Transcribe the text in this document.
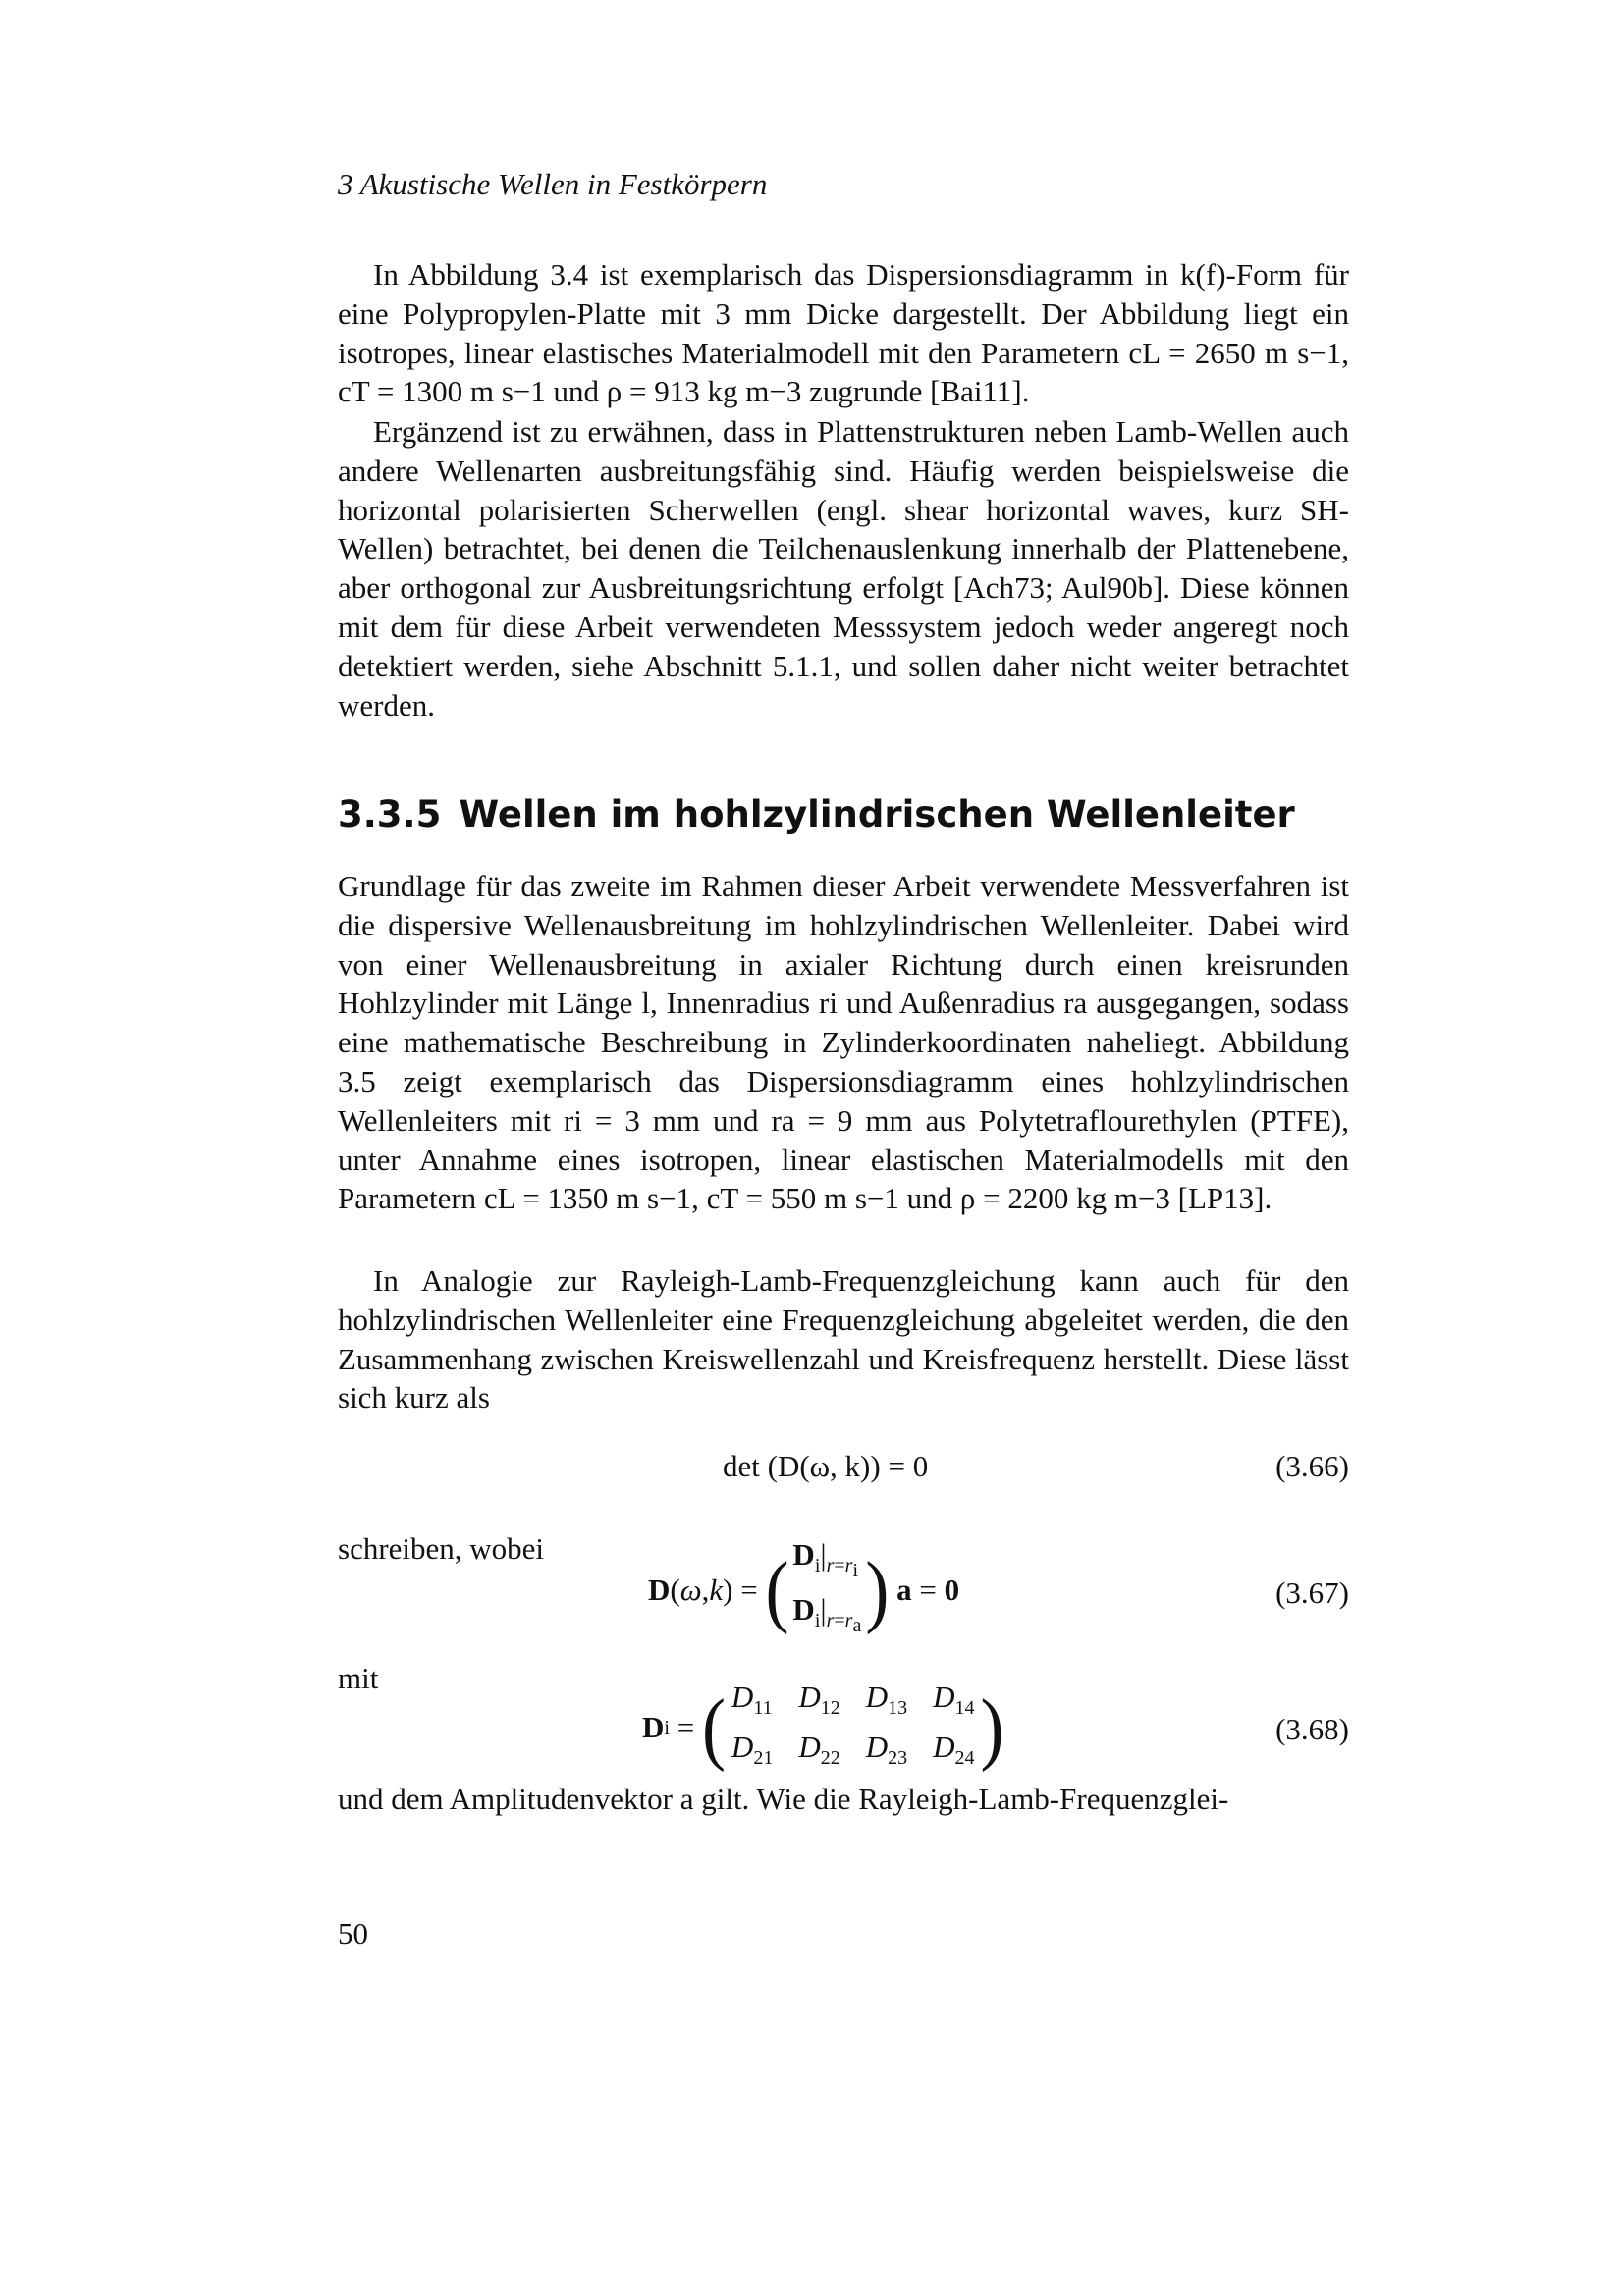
3 Akustische Wellen in Festkörpern

In Abbildung 3.4 ist exemplarisch das Dispersionsdiagramm in k(f)-Form für eine Polypropylen-Platte mit 3 mm Dicke dargestellt. Der Abbildung liegt ein isotropes, linear elastisches Materialmodell mit den Parametern cL = 2650 m s−1, cT = 1300 m s−1 und ρ = 913 kg m−3 zugrunde [Bai11].

Ergänzend ist zu erwähnen, dass in Plattenstrukturen neben Lamb-Wellen auch andere Wellenarten ausbreitungsfähig sind. Häufig werden beispielsweise die horizontal polarisierten Scherwellen (engl. shear horizontal waves, kurz SH-Wellen) betrachtet, bei denen die Teilchenauslenkung innerhalb der Plattenebene, aber orthogonal zur Ausbreitungsrichtung erfolgt [Ach73; Aul90b]. Diese können mit dem für diese Arbeit verwendeten Messsystem jedoch weder angeregt noch detektiert werden, siehe Abschnitt 5.1.1, und sollen daher nicht weiter betrachtet werden.

3.3.5 Wellen im hohlzylindrischen Wellenleiter

Grundlage für das zweite im Rahmen dieser Arbeit verwendete Messverfahren ist die dispersive Wellenausbreitung im hohlzylindrischen Wellenleiter. Dabei wird von einer Wellenausbreitung in axialer Richtung durch einen kreisrunden Hohlzylinder mit Länge l, Innenradius ri und Außenradius ra ausgegangen, sodass eine mathematische Beschreibung in Zylinderkoordinaten naheliegt. Abbildung 3.5 zeigt exemplarisch das Dispersionsdiagramm eines hohlzylindrischen Wellenleiters mit ri = 3 mm und ra = 9 mm aus Polytetraflourethylen (PTFE), unter Annahme eines isotropen, linear elastischen Materialmodells mit den Parametern cL = 1350 m s−1, cT = 550 m s−1 und ρ = 2200 kg m−3 [LP13].

In Analogie zur Rayleigh-Lamb-Frequenzgleichung kann auch für den hohlzylindrischen Wellenleiter eine Frequenzgleichung abgeleitet werden, die den Zusammenhang zwischen Kreiswellenzahl und Kreisfrequenz herstellt. Diese lässt sich kurz als

det (D(ω, k)) = 0	(3.66)
schreiben, wobei
D ( ω , k ) = ( $D_i|_{r=r_i}$
$D_i|_{r=r_a}$ )
a = 0	(3.67)
mit
D i = ( $D_{11}$ $D_{12}$ $D_{13}$ $D_{14}$
$D_{21}$ $D_{22}$ $D_{23}$ $D_{24}$ )	(3.68)
und dem Amplitudenvektor a gilt. Wie die Rayleigh-Lamb-Frequenzglei-
50
